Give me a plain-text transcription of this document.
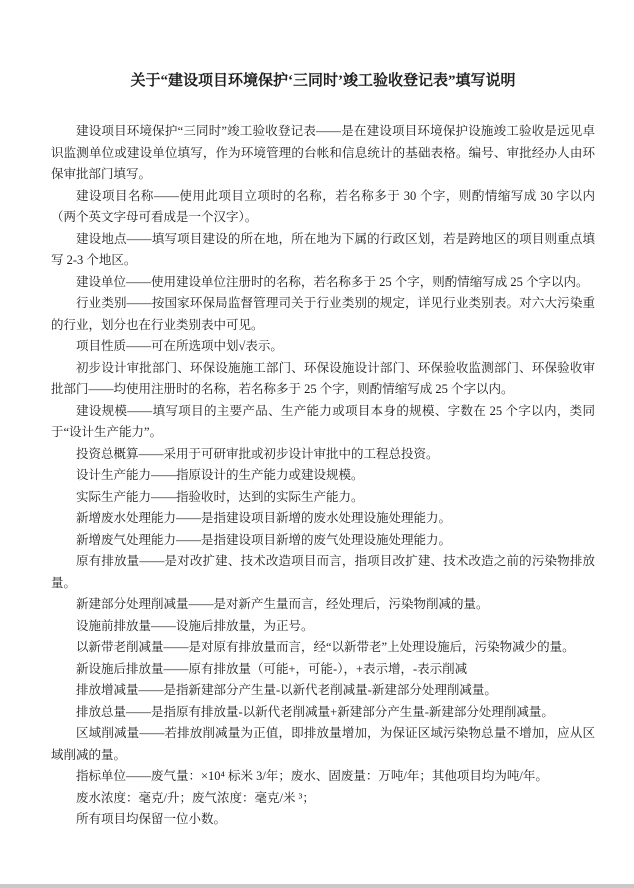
关于“建设项目环境保护‘三同时’竣工验收登记表”填写说明

建设项目环境保护“三同时”竣工验收登记表——是在建设项目环境保护设施竣工验收是远见卓识监测单位或建设单位填写，作为环境管理的台帐和信息统计的基础表格。编号、审批经办人由环保审批部门填写。

建设项目名称——使用此项目立项时的名称，若名称多于 30 个字，则酌情缩写成 30 字以内（两个英文字母可看成是一个汉字）。

建设地点——填写项目建设的所在地，所在地为下属的行政区划，若是跨地区的项目则重点填写 2-3 个地区。

建设单位——使用建设单位注册时的名称，若名称多于 25 个字，则酌情缩写成 25 个字以内。

行业类别——按国家环保局监督管理司关于行业类别的规定，详见行业类别表。对六大污染重的行业，划分也在行业类别表中可见。

项目性质——可在所选项中划√表示。

初步设计审批部门、环保设施施工部门、环保设施设计部门、环保验收监测部门、环保验收审批部门——均使用注册时的名称，若名称多于 25 个字，则酌情缩写成 25 个字以内。

建设规模——填写项目的主要产品、生产能力或项目本身的规模、字数在 25 个字以内，类同于“设计生产能力”。

投资总概算——采用于可研审批或初步设计审批中的工程总投资。

设计生产能力——指原设计的生产能力或建设规模。

实际生产能力——指验收时，达到的实际生产能力。

新增废水处理能力——是指建设项目新增的废水处理设施处理能力。

新增废气处理能力——是指建设项目新增的废气处理设施处理能力。

原有排放量——是对改扩建、技术改造项目而言，指项目改扩建、技术改造之前的污染物排放量。

新建部分处理削减量——是对新产生量而言，经处理后，污染物削减的量。

设施前排放量——设施后排放量，为正号。

以新带老削减量——是对原有排放量而言，经“以新带老”上处理设施后，污染物减少的量。

新设施后排放量——原有排放量（可能+，可能-），+表示增，-表示削减

排放增减量——是指新建部分产生量-以新代老削减量-新建部分处理削减量。

排放总量——是指原有排放量-以新代老削减量+新建部分产生量-新建部分处理削减量。

区域削减量——若排放削减量为正值，即排放量增加，为保证区域污染物总量不增加，应从区域削减的量。

指标单位——废气量：×10⁴ 标米 3/年；废水、固废量：万吨/年；其他项目均为吨/年。

废水浓度：毫克/升；废气浓度：毫克/米 ³；

所有项目均保留一位小数。
